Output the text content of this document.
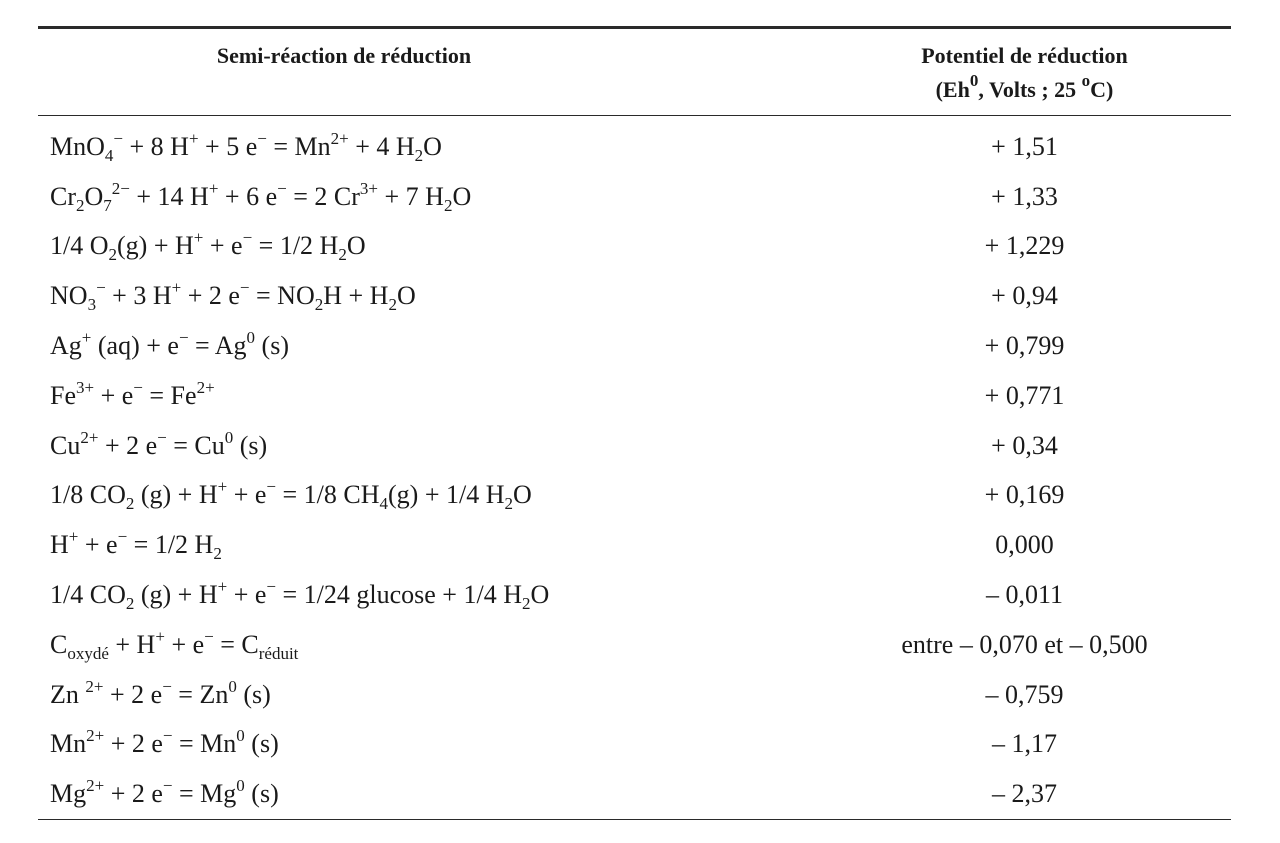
Semi-réaction de réduction	Potentiel de réduction
(Eh$^0$, Volts ; 25 $^o$C)
MnO$_4$− + 8 H+ + 5 $e^- = Mn^{2+} + 4$ $H_2O$	+ 1,51
$Cr_2O_7^{2-} + 14$ H+ + 6 e− = 2 $Cr^{3+} + 7$ $H_2O$	+ 1,33
1/4 $O_2(g) + H^+ + e^- = 1/2$ $H_2O$	+ 1,229
$NO_3^- + 3$ H+ + 2 $e^- = NO_2H + H_2O$	+ 0,94
Ag+ $(aq) + e^- = Ag^0$ (s)	+ 0,799
$Fe^{3+} + e^- = Fe^{2+}$	+ 0,771
$Cu^{2+} + 2$ $e^- = Cu^0$ (s)	+ 0,34
1/8 $CO_2$ (g) + H+ + e− = 1/8 $CH_4(g) + 1/4$ $H_2O$	+ 0,169
H+ + e− = 1/2 $H_2$	0,000
1/4 $CO_2$ (g) + H+ + e− = 1/24 glucose + 1/4 $H_2O$	– 0,011
$C_{oxydé} + H^+ + e^- = C_{réduit}$	entre – 0,070 et – 0,500
Zn $^{2+}$ + 2 $e^- = Zn^0$ (s)	– 0,759
$Mn^{2+} + 2$ $e^- = Mn^0$ (s)	– 1,17
$Mg^{2+} + 2$ $e^- = Mg^0$ (s)	– 2,37
